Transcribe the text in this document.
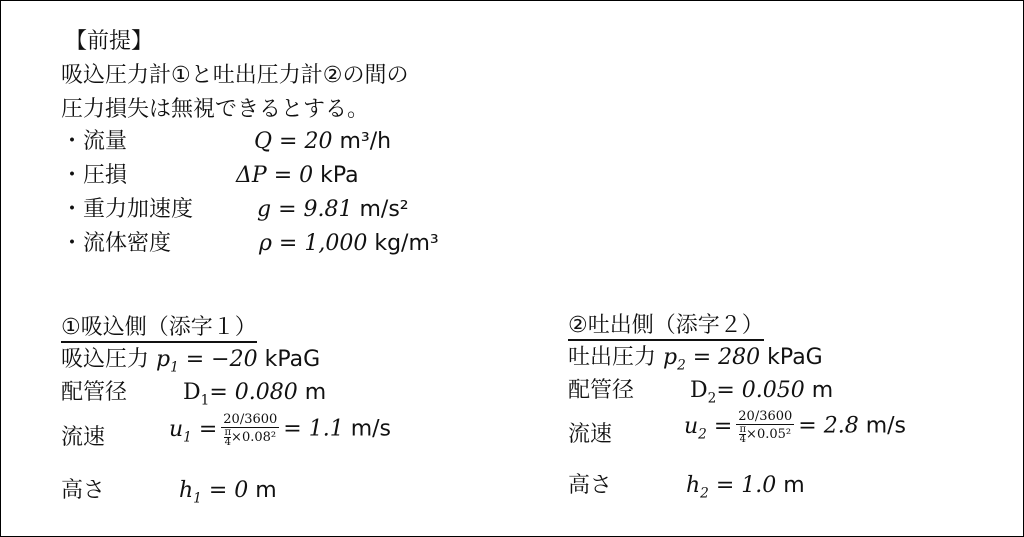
【前提】
吸込圧力計①と吐出圧力計②の間の
圧力損失は無視できるとする。
・流量	Q = 20 m³/h
・圧損	ΔP = 0 kPa
・重力加速度	g = 9.81 m/s²
・流体密度	ρ = 1,000 kg/m³
①吸込側（添字１）
吸込圧力 $p_1 = -20$ kPaG
配管径	$D_1= 0.080$ m
流速	$u_1 = \frac{20/3600}{\frac{\pi}{4} \times 0.08^2} = 1.1$ m/s
高さ	$h_1 = 0$ m
②吐出側（添字２）
吐出圧力 $p_2 = 280$ kPaG
配管径	$D_2= 0.050$ m
流速	$u_2 = \frac{20/3600}{\frac{\pi}{4} \times 0.05^2} = 2.8$ m/s
高さ	$h_2 = 1.0$ m
